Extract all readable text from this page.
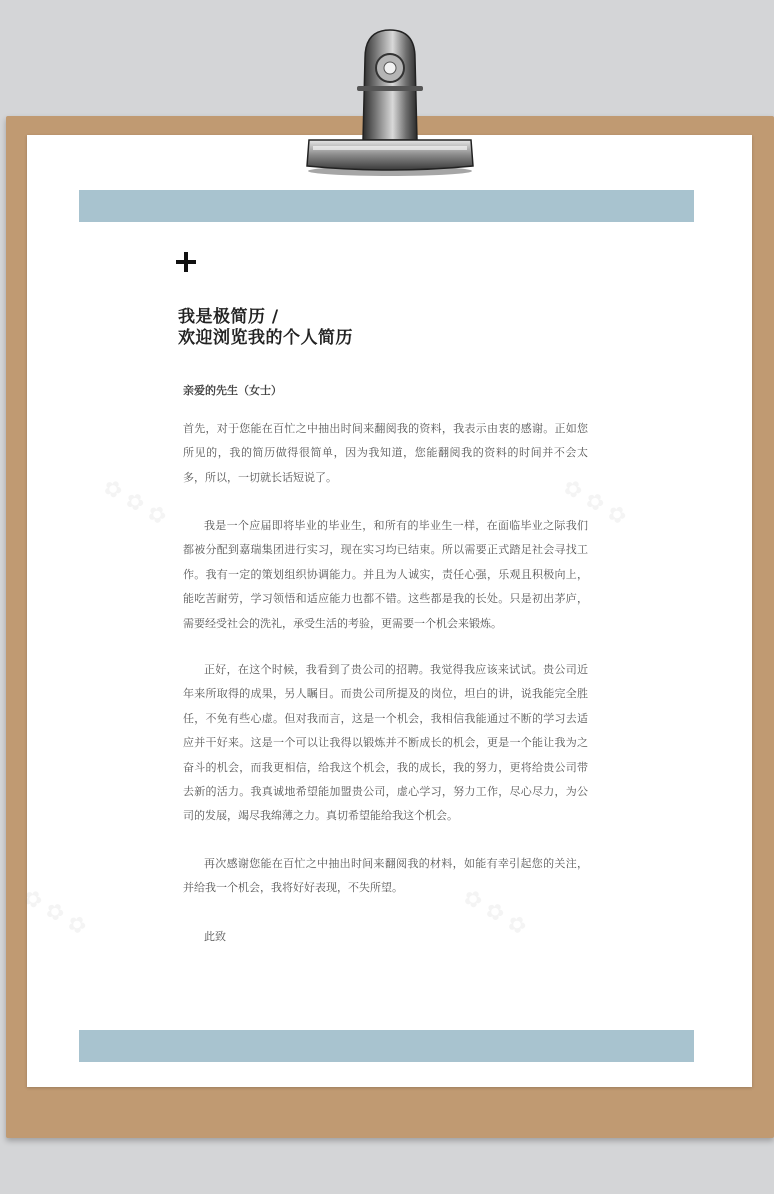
✿ ✿ ✿	✿ ✿ ✿
✿ ✿ ✿	✿ ✿ ✿
我是极简历 /
欢迎浏览我的个人简历
亲爱的先生（女士）
首先，对于您能在百忙之中抽出时间来翻阅我的资料，我表示由衷的感谢。正如您所见的，我的简历做得很简单，因为我知道，您能翻阅我的资料的时间并不会太多，所以，一切就长话短说了。
我是一个应届即将毕业的毕业生，和所有的毕业生一样，在面临毕业之际我们都被分配到嘉瑞集团进行实习，现在实习均已结束。所以需要正式踏足社会寻找工作。我有一定的策划组织协调能力。并且为人诚实，责任心强，乐观且积极向上，能吃苦耐劳，学习领悟和适应能力也都不错。这些都是我的长处。只是初出茅庐，需要经受社会的洗礼，承受生活的考验，更需要一个机会来锻炼。
正好，在这个时候，我看到了贵公司的招聘。我觉得我应该来试试。贵公司近年来所取得的成果，另人瞩目。而贵公司所提及的岗位，坦白的讲，说我能完全胜任，不免有些心虚。但对我而言，这是一个机会，我相信我能通过不断的学习去适应并干好来。这是一个可以让我得以锻炼并不断成长的机会，更是一个能让我为之奋斗的机会，而我更相信，给我这个机会，我的成长，我的努力，更将给贵公司带去新的活力。我真诚地希望能加盟贵公司，虚心学习，努力工作，尽心尽力，为公司的发展，竭尽我绵薄之力。真切希望能给我这个机会。
再次感谢您能在百忙之中抽出时间来翻阅我的材料，如能有幸引起您的关注，并给我一个机会，我将好好表现，不失所望。
此致
